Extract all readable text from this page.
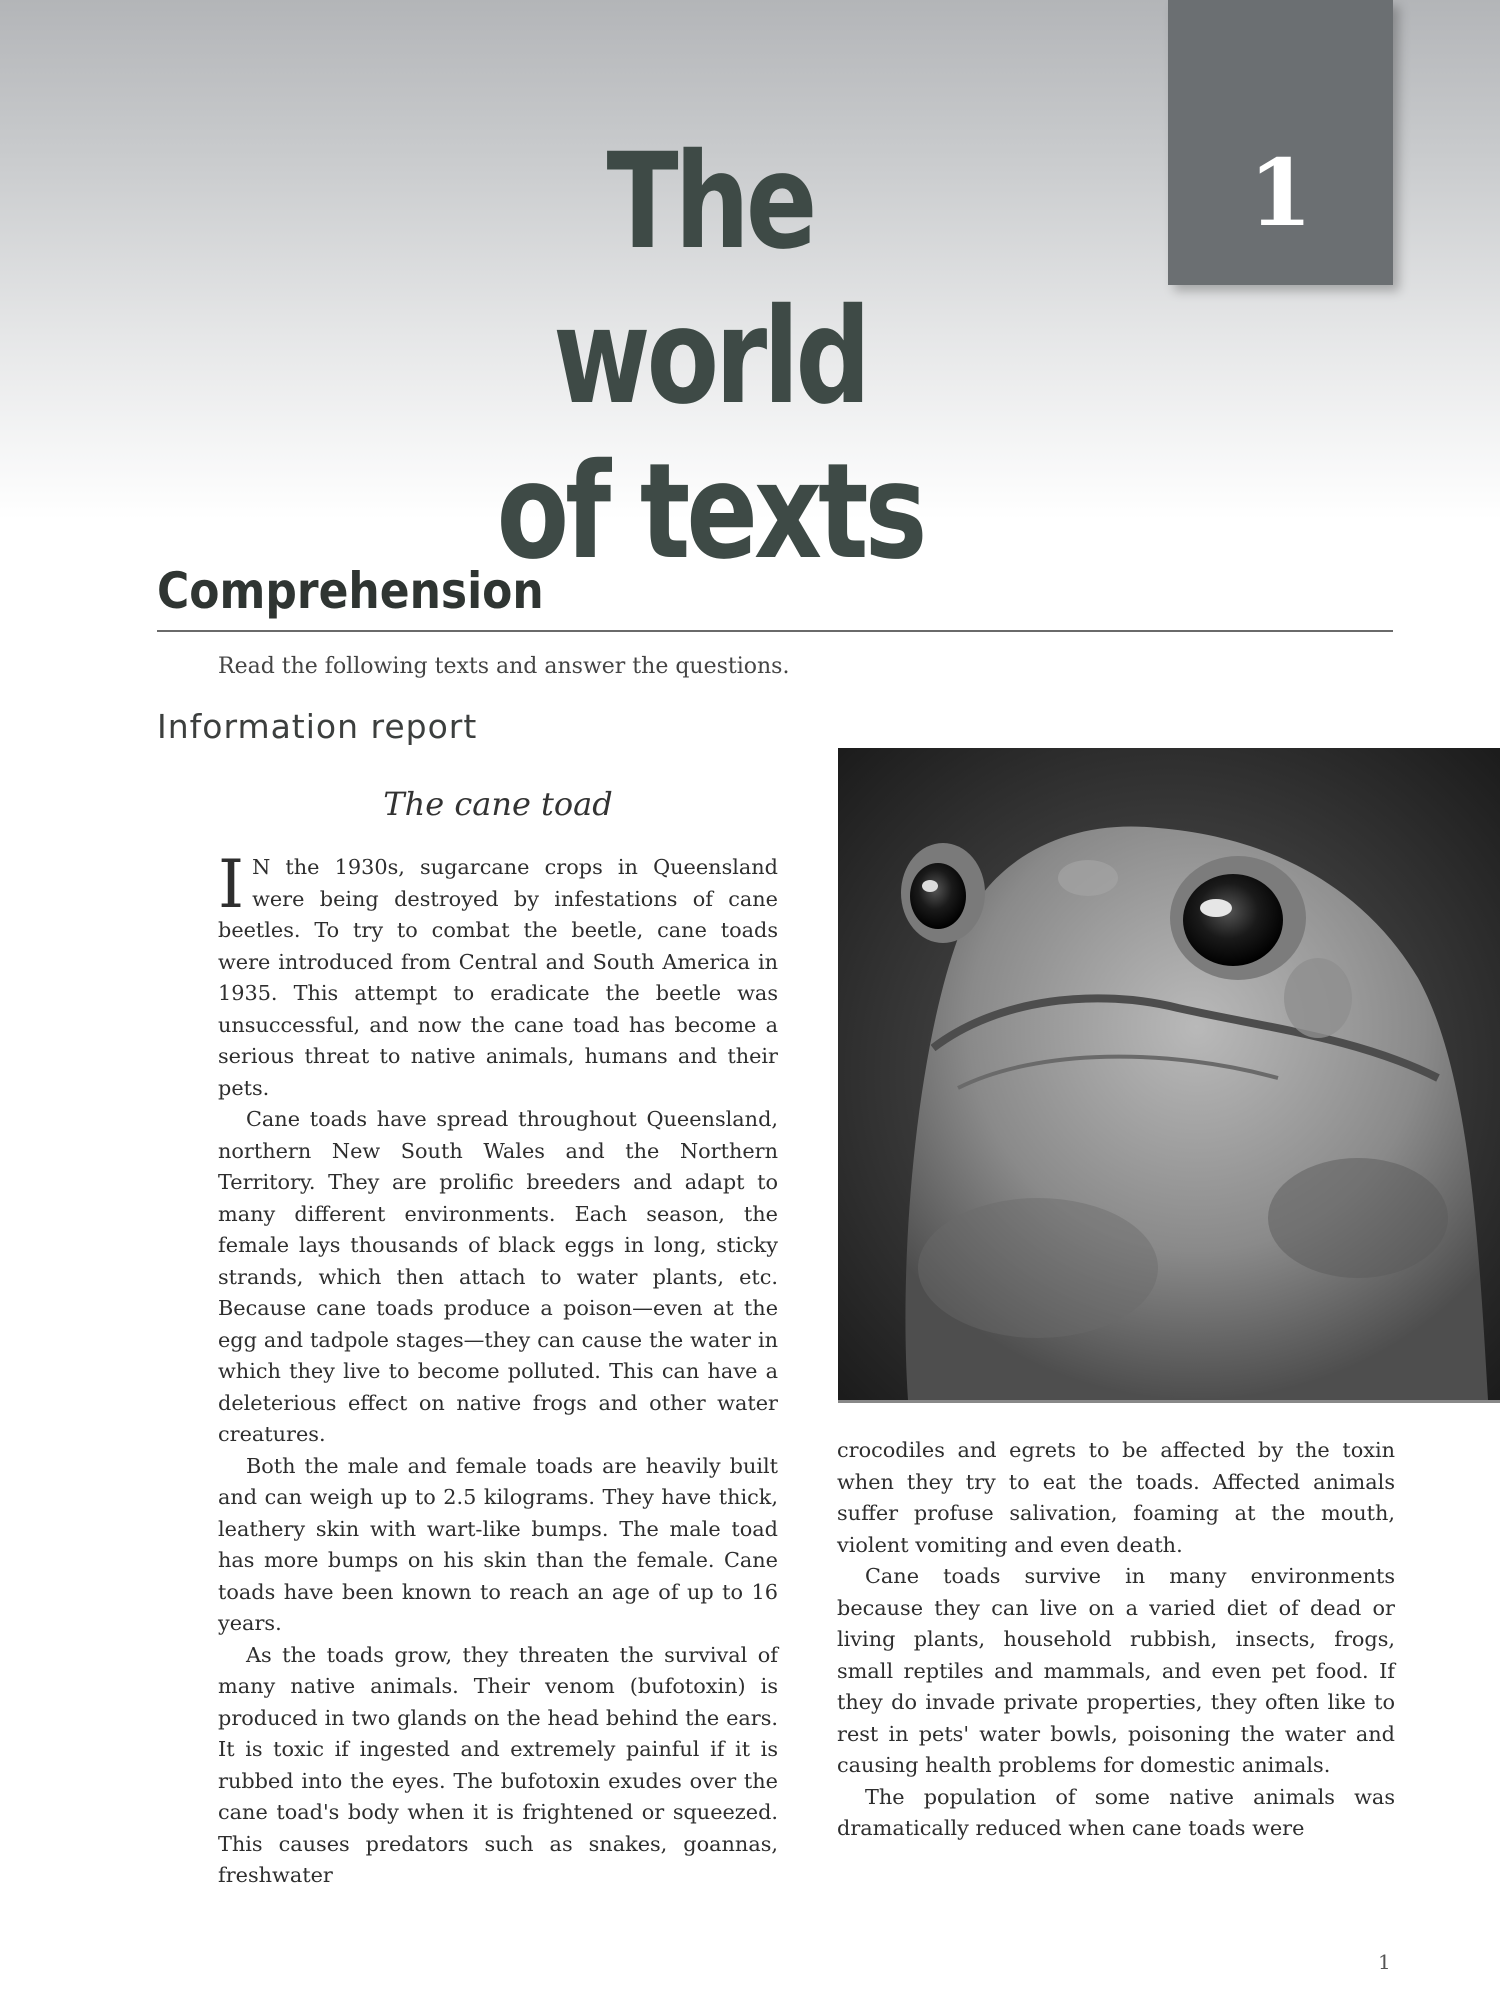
The world
of texts
1
Comprehension

Read the following texts and answer the questions.

Information report
The cane toad

I N the 1930s, sugarcane crops in Queensland were being destroyed by infestations of cane beetles. To try to combat the beetle, cane toads were introduced from Central and South America in 1935. This attempt to eradicate the beetle was unsuccessful, and now the cane toad has become a serious threat to native animals, humans and their pets.

Cane toads have spread throughout Queensland, northern New South Wales and the Northern Territory. They are prolific breeders and adapt to many different environments. Each season, the female lays thousands of black eggs in long, sticky strands, which then attach to water plants, etc. Because cane toads produce a poison—even at the egg and tadpole stages—they can cause the water in which they live to become polluted. This can have a deleterious effect on native frogs and other water creatures.

Both the male and female toads are heavily built and can weigh up to 2.5 kilograms. They have thick, leathery skin with wart-like bumps. The male toad has more bumps on his skin than the female. Cane toads have been known to reach an age of up to 16 years.

As the toads grow, they threaten the survival of many native animals. Their venom (bufotoxin) is produced in two glands on the head behind the ears. It is toxic if ingested and extremely painful if it is rubbed into the eyes. The bufotoxin exudes over the cane toad's body when it is frightened or squeezed. This causes predators such as snakes, goannas, freshwater

crocodiles and egrets to be affected by the toxin when they try to eat the toads. Affected animals suffer profuse salivation, foaming at the mouth, violent vomiting and even death.

Cane toads survive in many environments because they can live on a varied diet of dead or living plants, household rubbish, insects, frogs, small reptiles and mammals, and even pet food. If they do invade private properties, they often like to rest in pets' water bowls, poisoning the water and causing health problems for domestic animals.

The population of some native animals was dramatically reduced when cane toads were

1
